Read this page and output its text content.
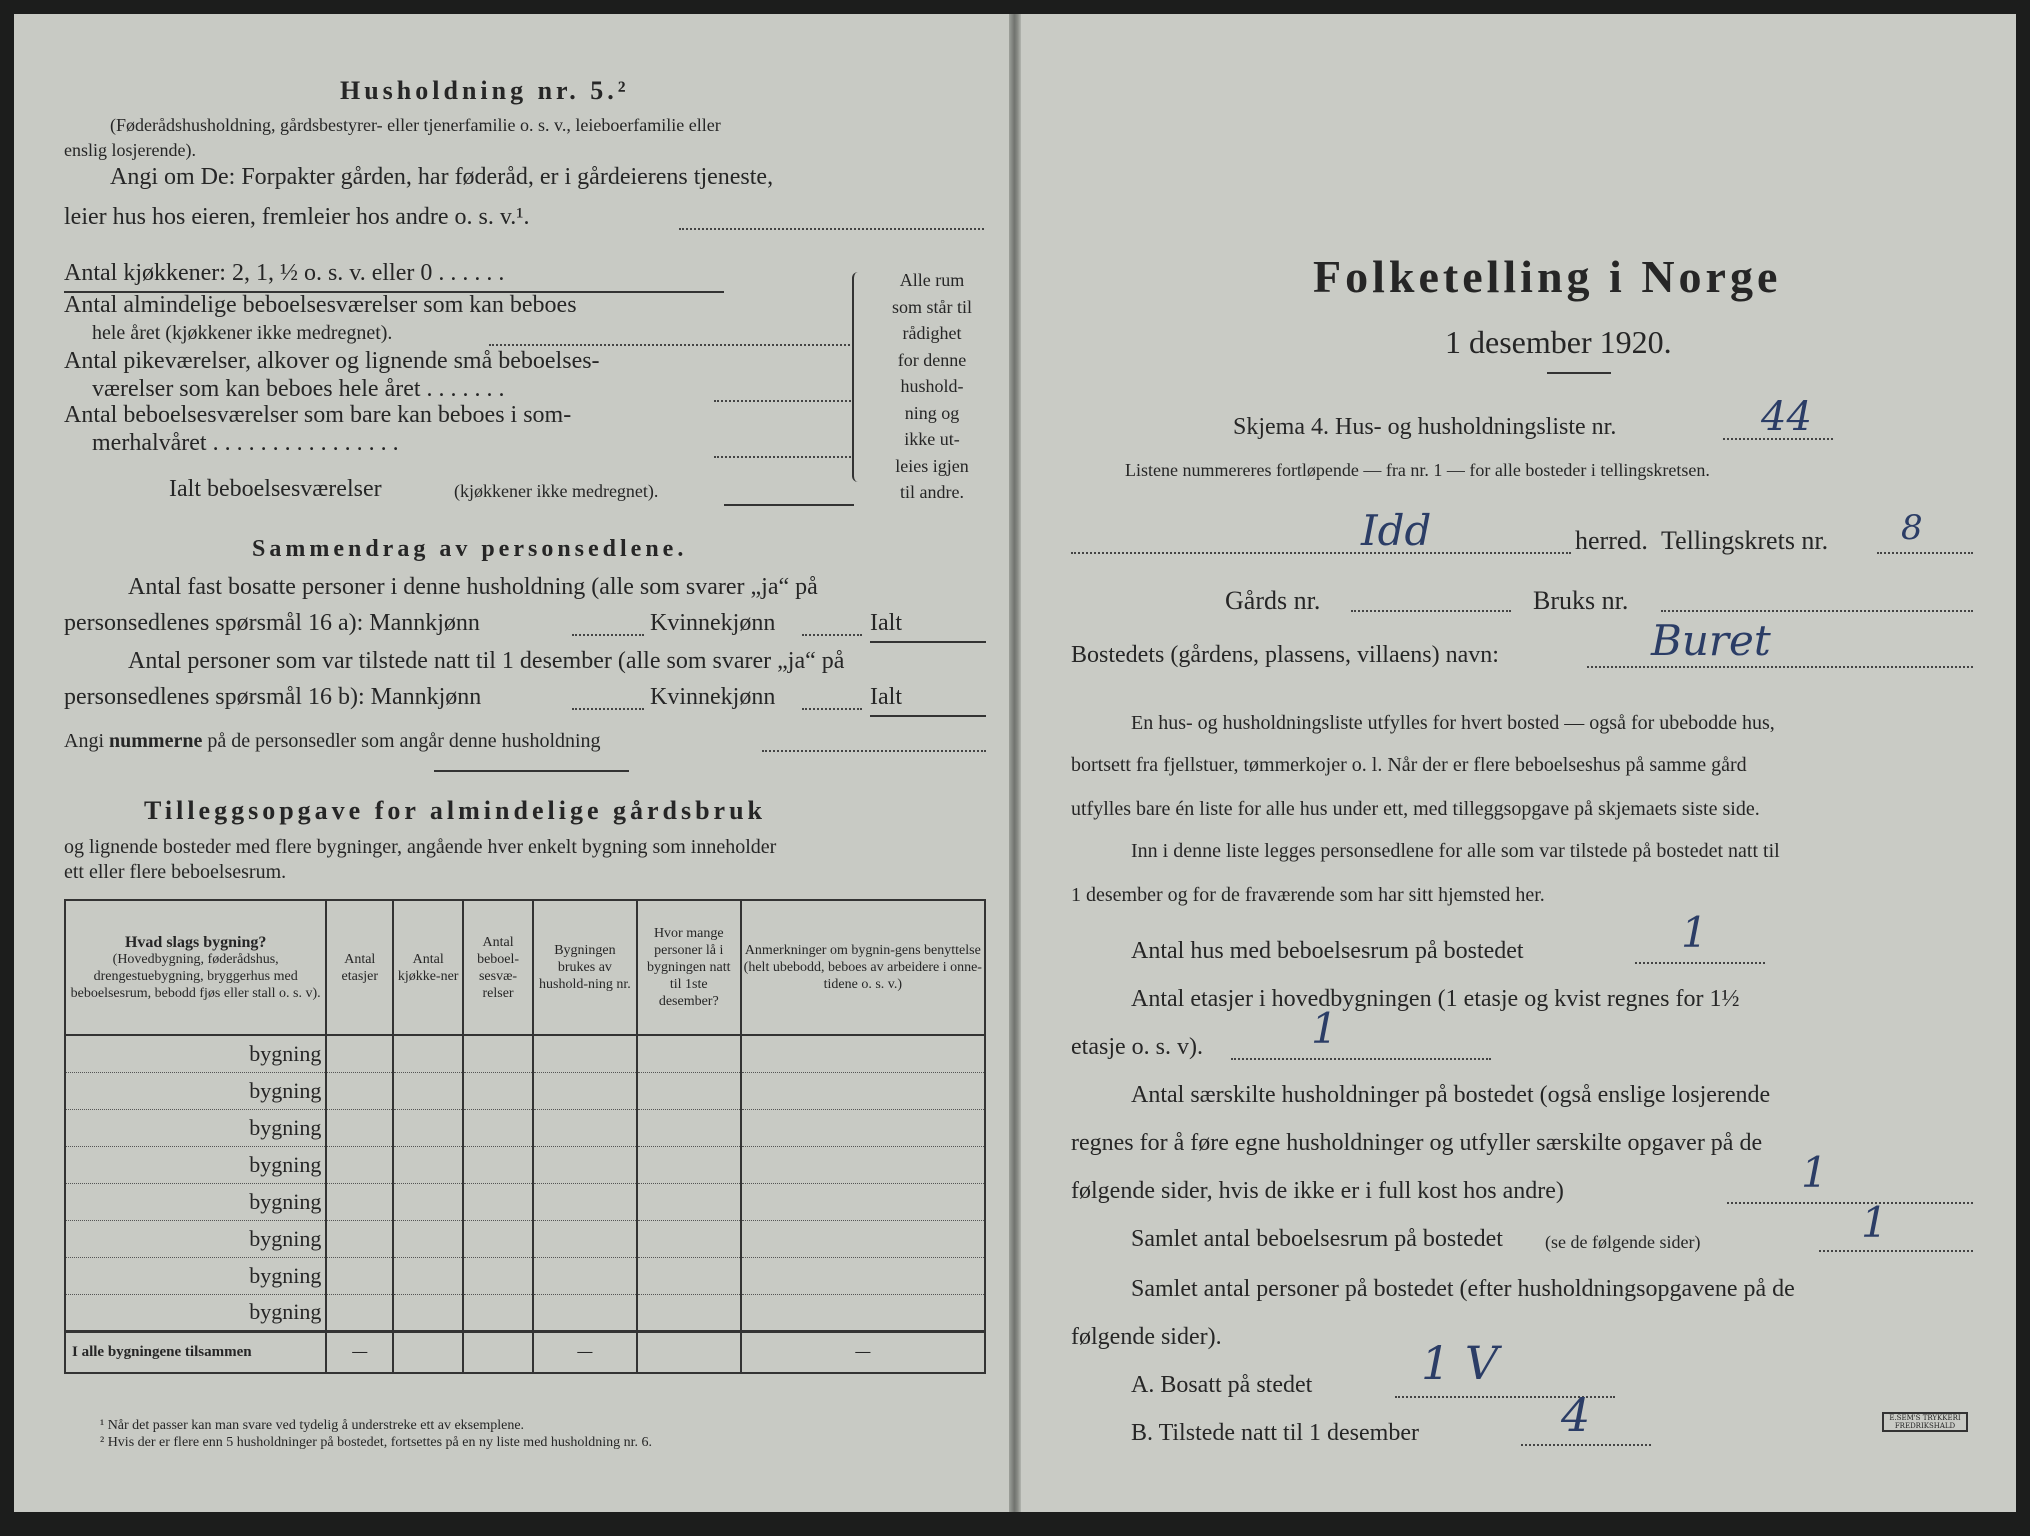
Husholdning nr. 5.²
(Føderådshusholdning, gårdsbestyrer- eller tjenerfamilie o. s. v., leieboerfamilie eller
enslig losjerende).
Angi om De: Forpakter gården, har føderåd, er i gårdeierens tjeneste,
leier hus hos eieren, fremleier hos andre o. s. v.¹.
Antal kjøkkener: 2, 1, ½ o. s. v. eller 0 . . . . . .
Antal almindelige beboelsesværelser som kan beboes
hele året (kjøkkener ikke medregnet).
Antal pikeværelser, alkover og lignende små beboelses-
værelser som kan beboes hele året . . . . . . .
Antal beboelsesværelser som bare kan beboes i som-
merhalvåret . . . . . . . . . . . . . . . .
Ialt beboelsesværelser	(kjøkkener ikke medregnet).
Alle rum
som står til
rådighet
for denne
hushold-
ning og
ikke ut-
leies igjen
til andre.
Sammendrag av personsedlene.
Antal fast bosatte personer i denne husholdning (alle som svarer „ja“ på
personsedlenes spørsmål 16 a): Mannkjønn	Kvinnekjønn	Ialt
Antal personer som var tilstede natt til 1 desember (alle som svarer „ja“ på
personsedlenes spørsmål 16 b): Mannkjønn	Kvinnekjønn	Ialt
Angi nummerne på de personsedler som angår denne husholdning
Tilleggsopgave for almindelige gårdsbruk
og lignende bosteder med flere bygninger, angående hver enkelt bygning som inneholder
ett eller flere beboelsesrum.
Hvad slags bygning?
(Hovedbygning, føderådshus, drengestuebygning, bryggerhus med beboelsesrum, bebodd fjøs eller stall o. s. v).	Antal etasjer	Antal kjøkke-ner	Antal beboel-sesvæ-relser	Bygningen brukes av hushold-ning nr.	Hvor mange personer lå i bygningen natt til 1ste desember?	Anmerkninger om bygnin-gens benyttelse (helt ubebodd, beboes av arbeidere i onne-tidene o. s. v.)
bygning						
bygning						
bygning						
bygning						
bygning						
bygning						
bygning						
bygning						
I alle bygningene tilsammen	—			—		—
¹ Når det passer kan man svare ved tydelig å understreke ett av eksemplene.
² Hvis der er flere enn 5 husholdninger på bostedet, fortsettes på en ny liste med husholdning nr. 6.
Folketelling i Norge
1 desember 1920.
Skjema 4. Hus- og husholdningsliste nr.	44
Listene nummereres fortløpende — fra nr. 1 — for alle bosteder i tellingskretsen.
Idd	herred. Tellingskrets nr. 8
Gårds nr.	Bruks nr.
Bostedets (gårdens, plassens, villaens) navn:	Buret
En hus- og husholdningsliste utfylles for hvert bosted — også for ubebodde hus,
bortsett fra fjellstuer, tømmerkojer o. l. Når der er flere beboelseshus på samme gård
utfylles bare én liste for alle hus under ett, med tilleggsopgave på skjemaets siste side.
Inn i denne liste legges personsedlene for alle som var tilstede på bostedet natt til
1 desember og for de fraværende som har sitt hjemsted her.
Antal hus med beboelsesrum på bostedet	1
Antal etasjer i hovedbygningen (1 etasje og kvist regnes for 1½
etasje o. s. v).	1
Antal særskilte husholdninger på bostedet (også enslige losjerende
regnes for å føre egne husholdninger og utfyller særskilte opgaver på de
følgende sider, hvis de ikke er i full kost hos andre)	1
Samlet antal beboelsesrum på bostedet (se de følgende sider)	1
Samlet antal personer på bostedet (efter husholdningsopgavene på de
følgende sider).
A. Bosatt på stedet 1 V
B. Tilstede natt til 1 desember	4	E.SEM'S TRYKKERI FREDRIKSHALD
